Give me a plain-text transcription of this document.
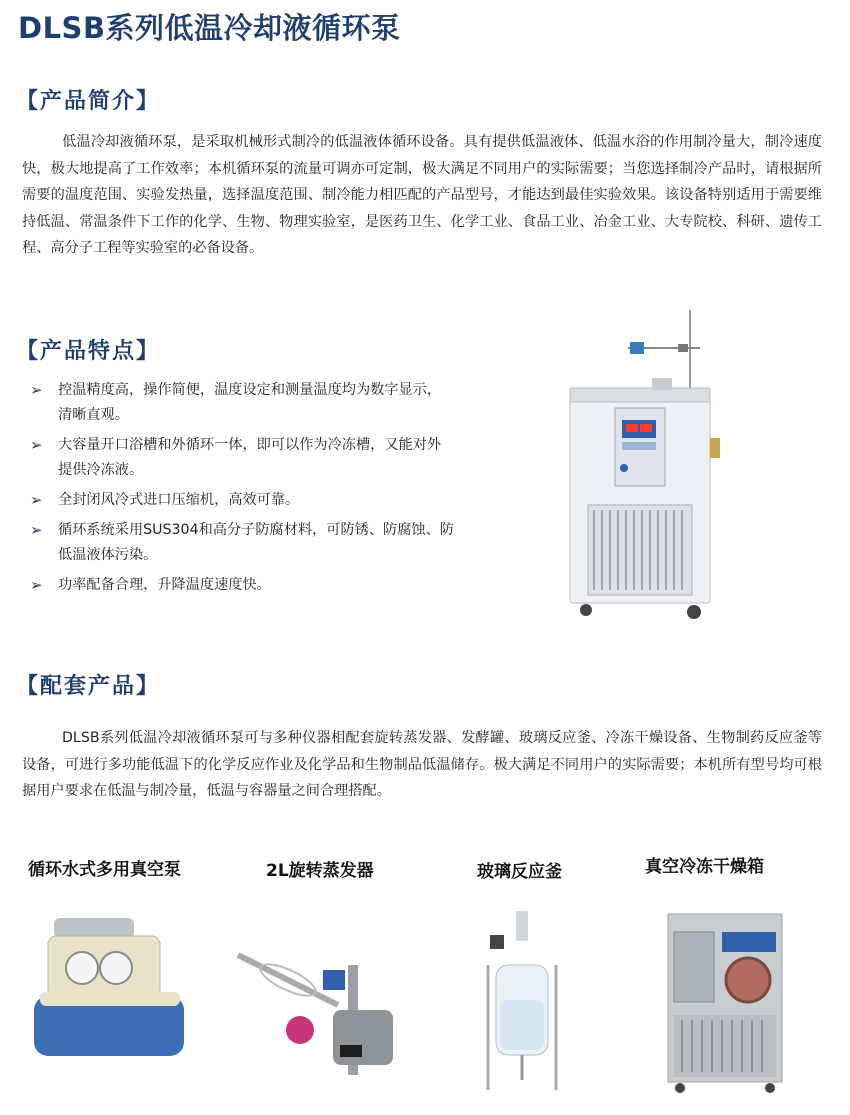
DLSB系列低温冷却液循环泵
【产品简介】
低温冷却液循环泵，是采取机械形式制冷的低温液体循环设备。具有提供低温液体、低温水浴的作用制冷量大，制冷速度快，极大地提高了工作效率；本机循环泵的流量可调亦可定制，极大满足不同用户的实际需要；当您选择制冷产品时，请根据所需要的温度范围、实验发热量，选择温度范围、制冷能力相匹配的产品型号，才能达到最佳实验效果。该设备特别适用于需要维持低温、常温条件下工作的化学、生物、物理实验室，是医药卫生、化学工业、食品工业、冶金工业、大专院校、科研、遗传工程、高分子工程等实验室的必备设备。
【产品特点】
➢ 控温精度高，操作简便，温度设定和测量温度均为数字显示，清晰直观。
➢ 大容量开口浴槽和外循环一体，即可以作为冷冻槽，又能对外提供冷冻液。
➢ 全封闭风冷式进口压缩机，高效可靠。
➢ 循环系统采用SUS304和高分子防腐材料，可防锈、防腐蚀、防低温液体污染。
➢ 功率配备合理，升降温度速度快。
【配套产品】
DLSB系列低温冷却液循环泵可与多种仪器相配套旋转蒸发器、发酵罐、玻璃反应釜、冷冻干燥设备、生物制药反应釜等设备，可进行多功能低温下的化学反应作业及化学品和生物制品低温储存。极大满足不同用户的实际需要；本机所有型号均可根据用户要求在低温与制冷量，低温与容器量之间合理搭配。
循环水式多用真空泵	2L旋转蒸发器	玻璃反应釜	真空冷冻干燥箱
